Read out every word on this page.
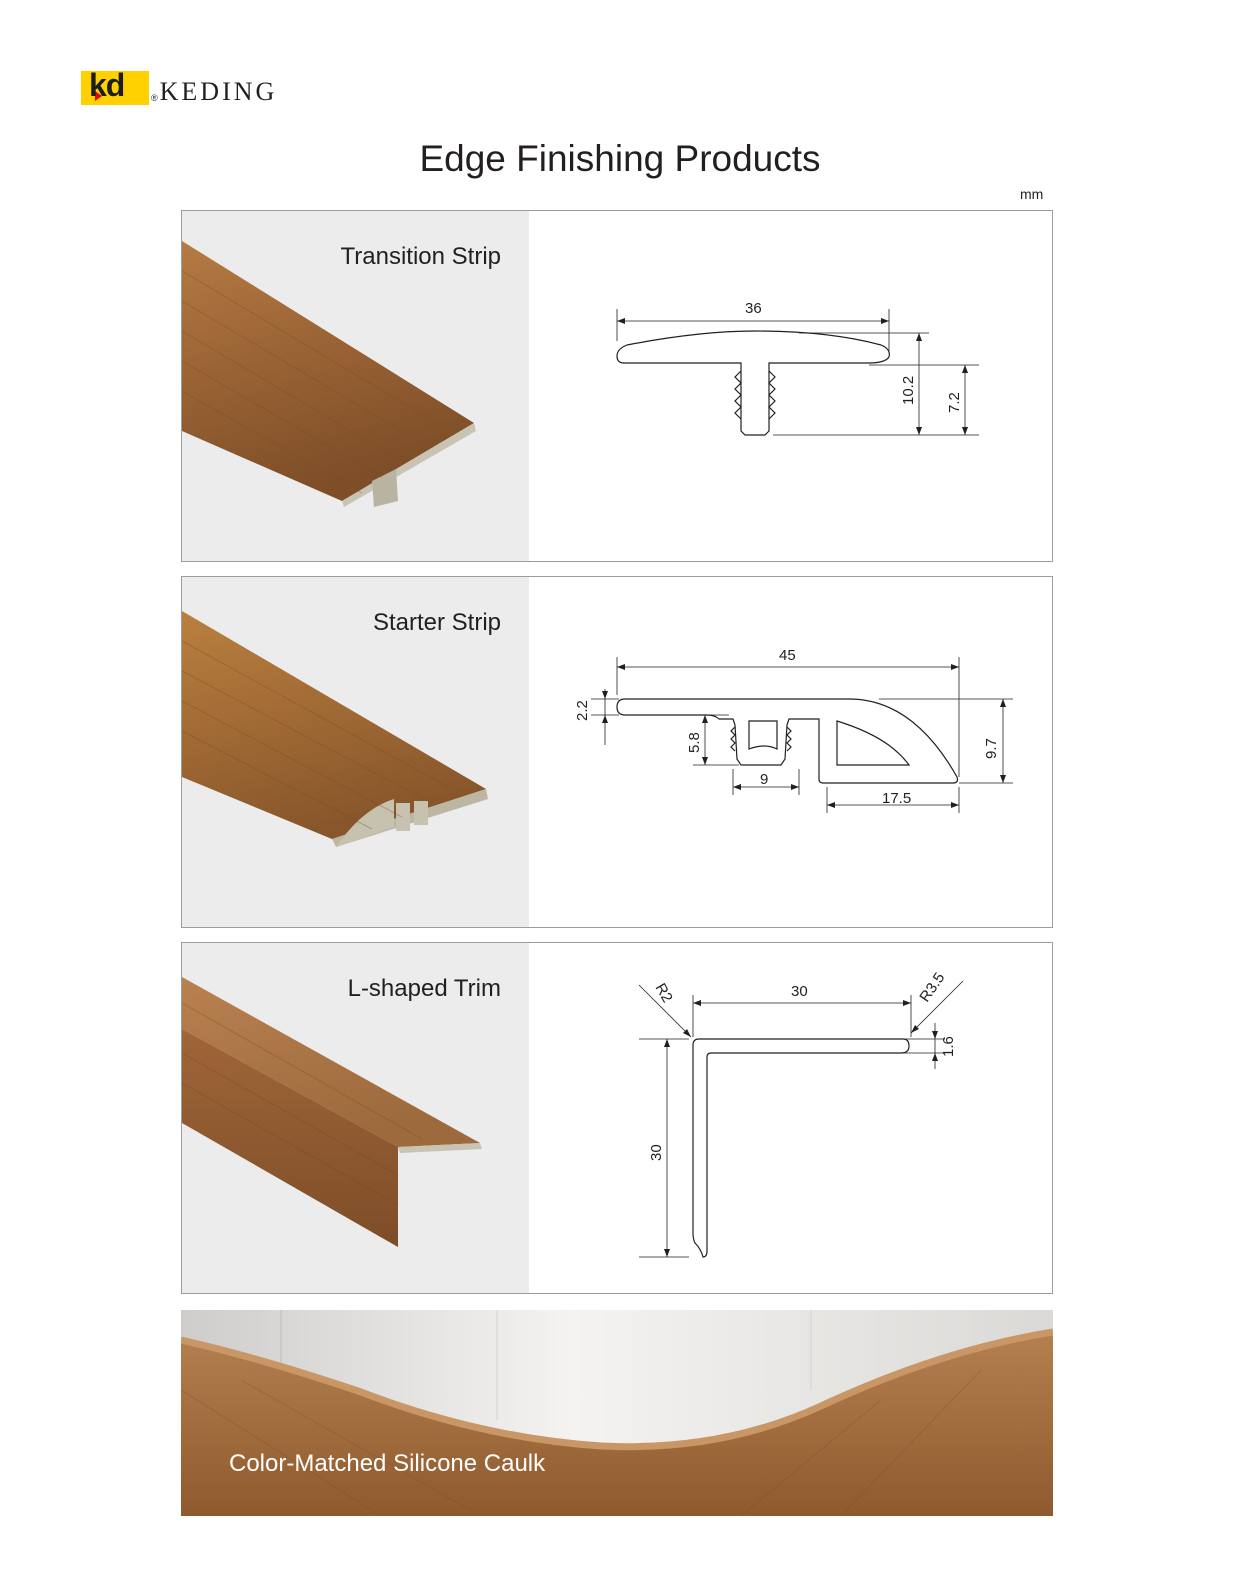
kd	® KEDING
Edge Finishing Products
mm
Transition Strip
36
10.2 7.2
Starter Strip
45
2.2
5.8
9
9.7
17.5
L-shaped Trim	R2	30	R3.5
1.6
30
Color-Matched Silicone Caulk
